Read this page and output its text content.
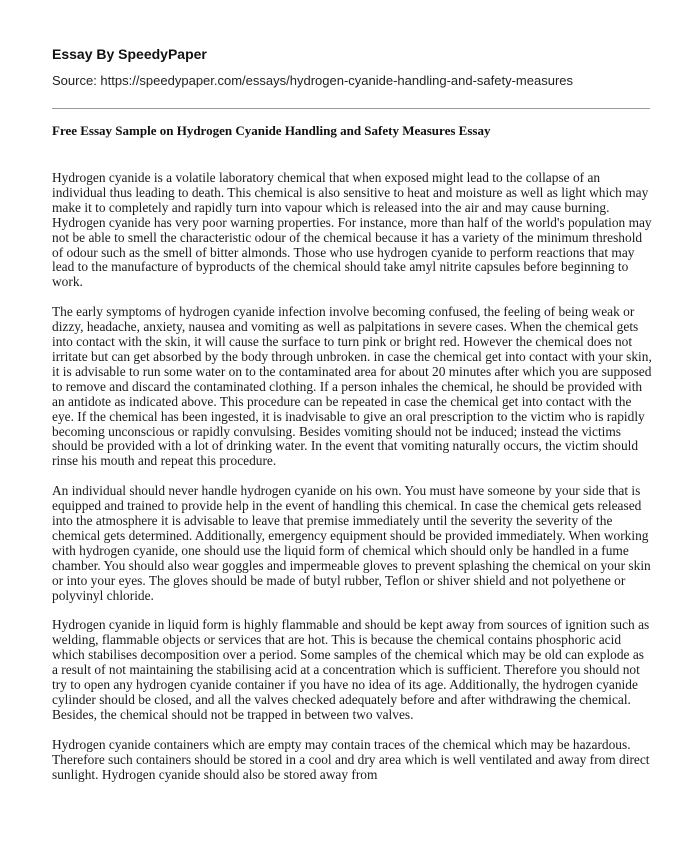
Essay By SpeedyPaper

Source: https://speedypaper.com/essays/hydrogen-cyanide-handling-and-safety-measures

Free Essay Sample on Hydrogen Cyanide Handling and Safety Measures Essay

Hydrogen cyanide is a volatile laboratory chemical that when exposed might lead to the collapse of an individual thus leading to death. This chemical is also sensitive to heat and moisture as well as light which may make it to completely and rapidly turn into vapour which is released into the air and may cause burning. Hydrogen cyanide has very poor warning properties. For instance, more than half of the world's population may not be able to smell the characteristic odour of the chemical because it has a variety of the minimum threshold of odour such as the smell of bitter almonds. Those who use hydrogen cyanide to perform reactions that may lead to the manufacture of byproducts of the chemical should take amyl nitrite capsules before beginning to work.

The early symptoms of hydrogen cyanide infection involve becoming confused, the feeling of being weak or dizzy, headache, anxiety, nausea and vomiting as well as palpitations in severe cases. When the chemical gets into contact with the skin, it will cause the surface to turn pink or bright red. However the chemical does not irritate but can get absorbed by the body through unbroken. in case the chemical get into contact with your skin, it is advisable to run some water on to the contaminated area for about 20 minutes after which you are supposed to remove and discard the contaminated clothing. If a person inhales the chemical, he should be provided with an antidote as indicated above. This procedure can be repeated in case the chemical get into contact with the eye. If the chemical has been ingested, it is inadvisable to give an oral prescription to the victim who is rapidly becoming unconscious or rapidly convulsing. Besides vomiting should not be induced; instead the victims should be provided with a lot of drinking water. In the event that vomiting naturally occurs, the victim should rinse his mouth and repeat this procedure.

An individual should never handle hydrogen cyanide on his own. You must have someone by your side that is equipped and trained to provide help in the event of handling this chemical. In case the chemical gets released into the atmosphere it is advisable to leave that premise immediately until the severity the severity of the chemical gets determined. Additionally, emergency equipment should be provided immediately. When working with hydrogen cyanide, one should use the liquid form of chemical which should only be handled in a fume chamber. You should also wear goggles and impermeable gloves to prevent splashing the chemical on your skin or into your eyes. The gloves should be made of butyl rubber, Teflon or shiver shield and not polyethene or polyvinyl chloride.

Hydrogen cyanide in liquid form is highly flammable and should be kept away from sources of ignition such as welding, flammable objects or services that are hot. This is because the chemical contains phosphoric acid which stabilises decomposition over a period. Some samples of the chemical which may be old can explode as a result of not maintaining the stabilising acid at a concentration which is sufficient. Therefore you should not try to open any hydrogen cyanide container if you have no idea of its age. Additionally, the hydrogen cyanide cylinder should be closed, and all the valves checked adequately before and after withdrawing the chemical. Besides, the chemical should not be trapped in between two valves.

Hydrogen cyanide containers which are empty may contain traces of the chemical which may be hazardous. Therefore such containers should be stored in a cool and dry area which is well ventilated and away from direct sunlight. Hydrogen cyanide should also be stored away from
